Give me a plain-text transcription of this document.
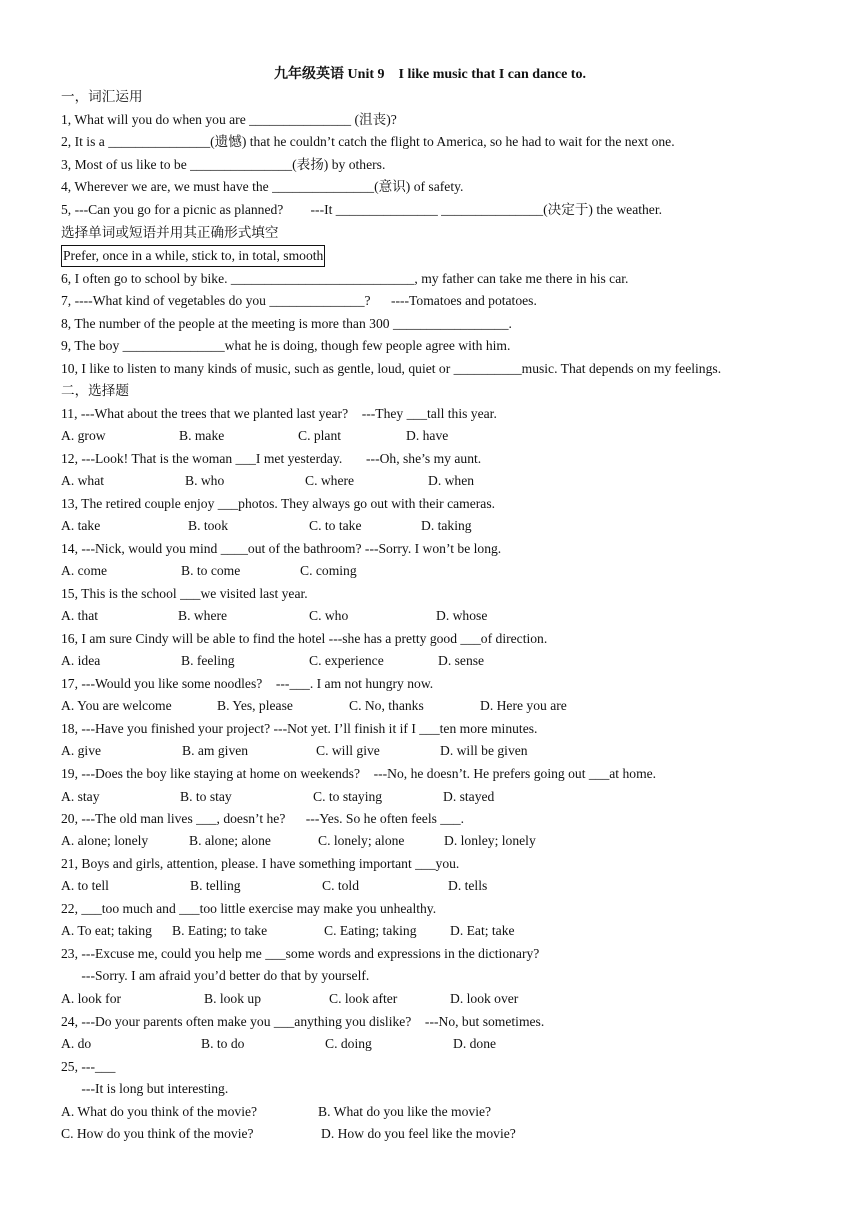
九年级英语 Unit 9    I like music that I can dance to.
一，词汇运用
1, What will you do when you are _______________ (沮丧)?
2, It is a _______________(遗憾) that he couldn’t catch the flight to America, so he had to wait for the next one.
3, Most of us like to be _______________(表扬) by others.
4, Wherever we are, we must have the _______________(意识) of safety.
5, ---Can you go for a picnic as planned?        ---It _______________ _______________(决定于) the weather.
选择单词或短语并用其正确形式填空
Prefer, once in a while, stick to, in total, smooth
6, I often go to school by bike. ___________________________, my father can take me there in his car.
7, ----What kind of vegetables do you ______________?      ----Tomatoes and potatoes.
8, The number of the people at the meeting is more than 300 _________________.
9, The boy _______________what he is doing, though few people agree with him.
10, I like to listen to many kinds of music, such as gentle, loud, quiet or __________music. That depends on my feelings.
二，选择题
11, ---What about the trees that we planted last year?    ---They ___tall this year.
A. grow	B. make	C. plant	D. have
12, ---Look! That is the woman ___I met yesterday.       ---Oh, she’s my aunt.
A. what	B. who	C. where	D. when
13, The retired couple enjoy ___photos. They always go out with their cameras.
A. take	B. took	C. to take	D. taking
14, ---Nick, would you mind ____out of the bathroom? ---Sorry. I won’t be long.
A. come	B. to come	C. coming
15, This is the school ___we visited last year.
A. that	B. where	C. who	D. whose
16, I am sure Cindy will be able to find the hotel ---she has a pretty good ___of direction.
A. idea	B. feeling	C. experience	D. sense
17, ---Would you like some noodles?    ---___. I am not hungry now.
A. You are welcome	B. Yes, please	C. No, thanks	D. Here you are
18, ---Have you finished your project? ---Not yet. I’ll finish it if I ___ten more minutes.
A. give	B. am given	C. will give	D. will be given
19, ---Does the boy like staying at home on weekends?    ---No, he doesn’t. He prefers going out ___at home.
A. stay	B. to stay	C. to staying	D. stayed
20, ---The old man lives ___, doesn’t he?      ---Yes. So he often feels ___.
A. alone; lonely	B. alone; alone	C. lonely; alone	D. lonley; lonely
21, Boys and girls, attention, please. I have something important ___you.
A. to tell	B. telling	C. told	D. tells
22, ___too much and ___too little exercise may make you unhealthy.
A. To eat; taking B. Eating; to take	C. Eating; taking D. Eat; take
23, ---Excuse me, could you help me ___some words and expressions in the dictionary?
---Sorry. I am afraid you’d better do that by yourself.
A. look for	B. look up	C. look after	D. look over
24, ---Do your parents often make you ___anything you dislike?    ---No, but sometimes.
A. do	B. to do	C. doing	D. done
25, ---___
---It is long but interesting.
A. What do you think of the movie?	B. What do you like the movie?
C. How do you think of the movie?	D. How do you feel like the movie?
